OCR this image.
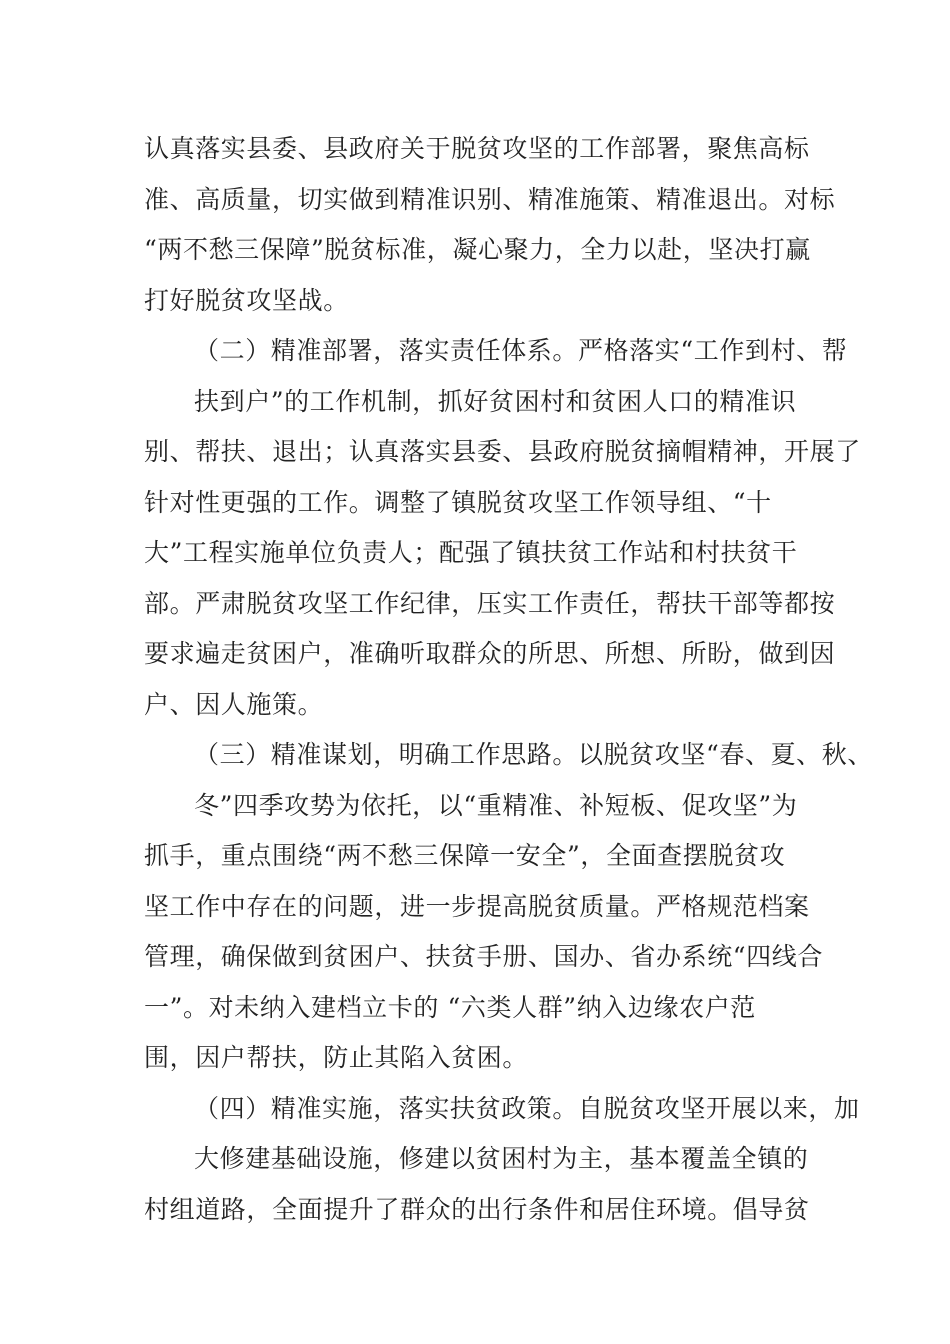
认真落实县委、县政府关于脱贫攻坚的工作部署，聚焦高标
准、高质量，切实做到精准识别、精准施策、精准退出。对标
“两不愁三保障”脱贫标准，凝心聚力，全力以赴，坚决打赢
打好脱贫攻坚战。
（二）精准部署，落实责任体系。严格落实“工作到村、帮
扶到户”的工作机制，抓好贫困村和贫困人口的精准识
别、帮扶、退出；认真落实县委、县政府脱贫摘帽精神，开展了
针对性更强的工作。调整了镇脱贫攻坚工作领导组、“十
大”工程实施单位负责人；配强了镇扶贫工作站和村扶贫干
部。严肃脱贫攻坚工作纪律，压实工作责任，帮扶干部等都按
要求遍走贫困户，准确听取群众的所思、所想、所盼，做到因
户、因人施策。
（三）精准谋划，明确工作思路。以脱贫攻坚“春、夏、秋、
冬”四季攻势为依托，以“重精准、补短板、促攻坚”为
抓手，重点围绕“两不愁三保障一安全”，全面查摆脱贫攻
坚工作中存在的问题，进一步提高脱贫质量。严格规范档案
管理，确保做到贫困户、扶贫手册、国办、省办系统“四线合
一”。对未纳入建档立卡的 “六类人群”纳入边缘农户范
围，因户帮扶，防止其陷入贫困。
（四）精准实施，落实扶贫政策。自脱贫攻坚开展以来，加
大修建基础设施，修建以贫困村为主，基本覆盖全镇的
村组道路，全面提升了群众的出行条件和居住环境。倡导贫
